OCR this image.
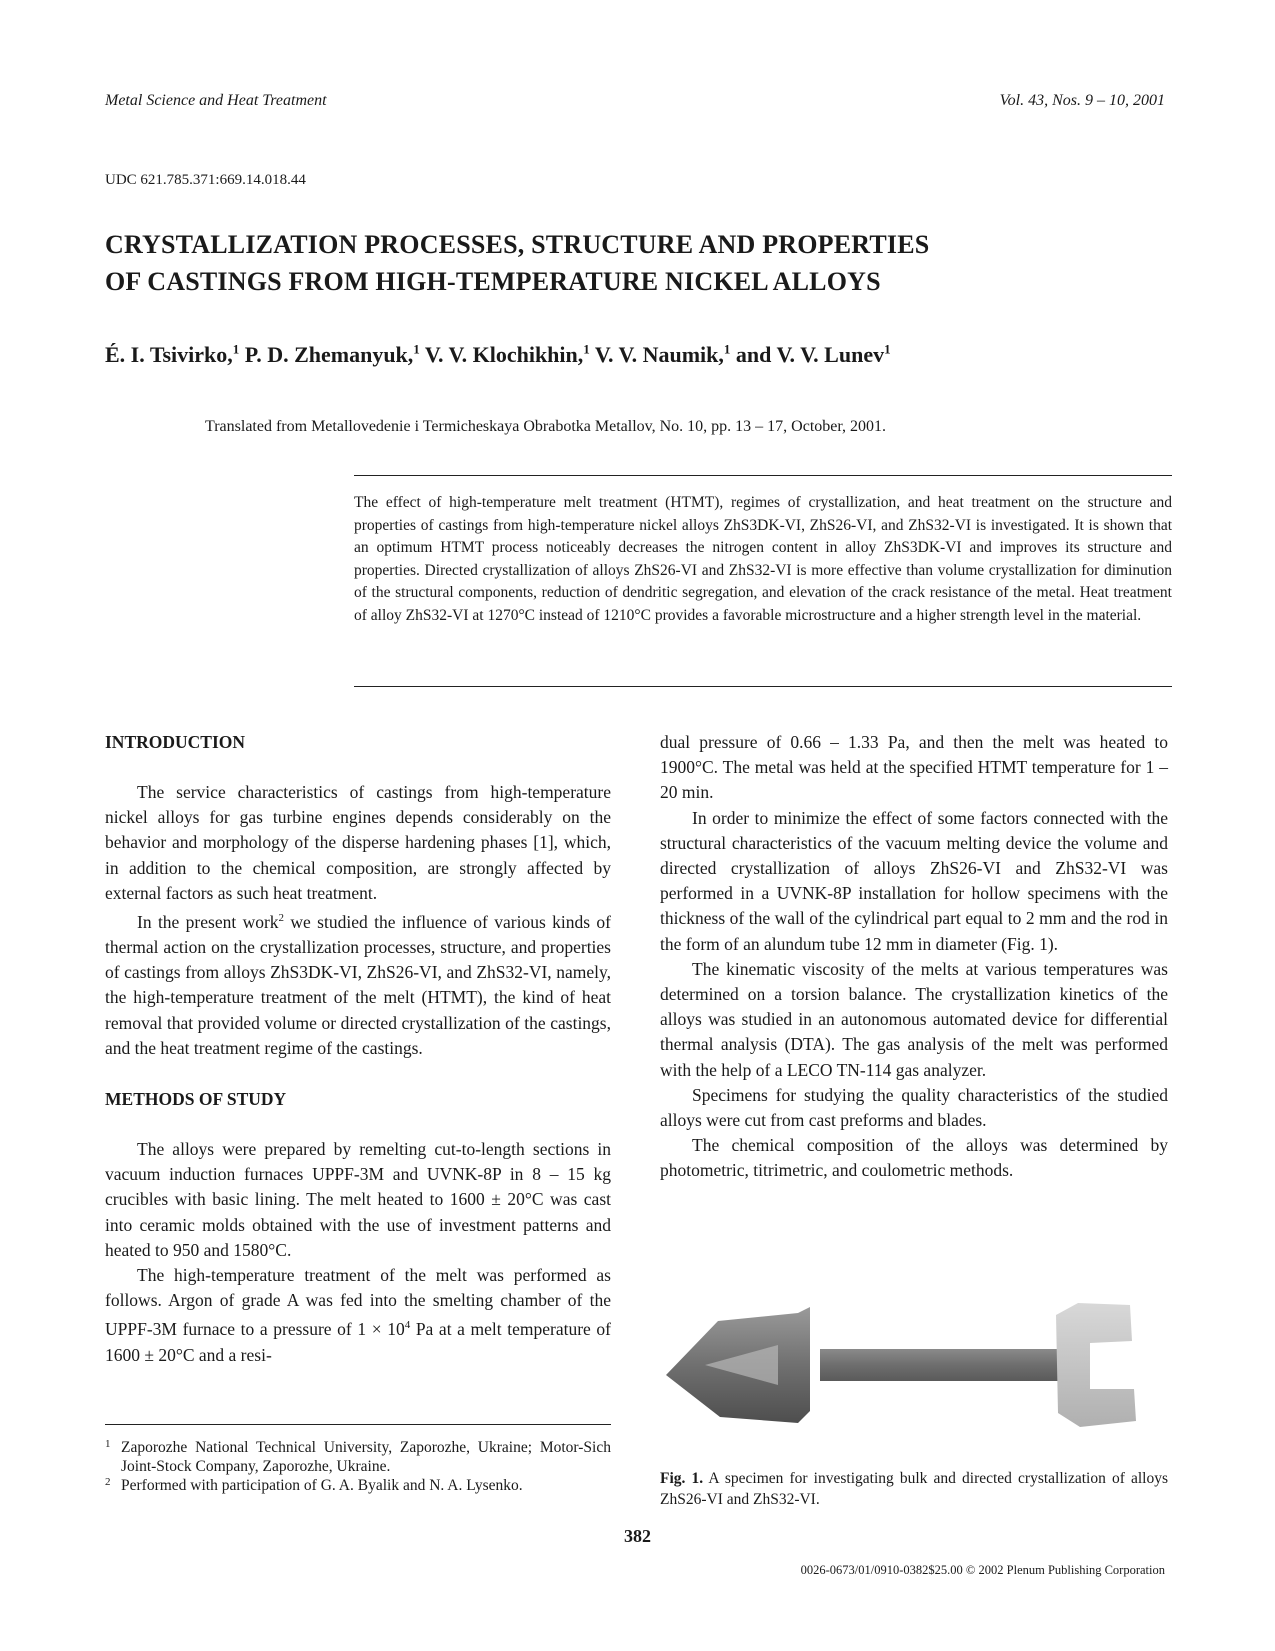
Metal Science and Heat Treatment	Vol. 43, Nos. 9 – 10, 2001
UDC 621.785.371:669.14.018.44
CRYSTALLIZATION PROCESSES, STRUCTURE AND PROPERTIES
OF CASTINGS FROM HIGH-TEMPERATURE NICKEL ALLOYS
É. I. Tsivirko,$^1$ P. D. Zhemanyuk,$^1$ V. V. Klochikhin,$^1$ V. V. Naumik,$^1$ and V. V. Lunev$^1$
Translated from Metallovedenie i Termicheskaya Obrabotka Metallov, No. 10, pp. 13 – 17, October, 2001.

The effect of high-temperature melt treatment (HTMT), regimes of crystallization, and heat treatment on the structure and properties of castings from high-temperature nickel alloys ZhS3DK-VI, ZhS26-VI, and ZhS32-VI is investigated. It is shown that an optimum HTMT process noticeably decreases the nitrogen content in alloy ZhS3DK-VI and improves its structure and properties. Directed crystallization of alloys ZhS26-VI and ZhS32-VI is more effective than volume crystallization for diminution of the structural components, reduction of dendritic segregation, and elevation of the crack resistance of the metal. Heat treatment of alloy ZhS32-VI at 1270°C instead of 1210°C provides a favorable microstructure and a higher strength level in the material.

INTRODUCTION

The service characteristics of castings from high-temperature nickel alloys for gas turbine engines depends considerably on the behavior and morphology of the disperse hardening phases [1], which, in addition to the chemical composition, are strongly affected by external factors as such heat treatment.

In the present work$^2$ we studied the influence of various kinds of thermal action on the crystallization processes, structure, and properties of castings from alloys ZhS3DK-VI, ZhS26-VI, and ZhS32-VI, namely, the high-temperature treatment of the melt (HTMT), the kind of heat removal that provided volume or directed crystallization of the castings, and the heat treatment regime of the castings.

METHODS OF STUDY

The alloys were prepared by remelting cut-to-length sections in vacuum induction furnaces UPPF-3M and UVNK-8P in 8 – 15 kg crucibles with basic lining. The melt heated to 1600 ± 20°C was cast into ceramic molds obtained with the use of investment patterns and heated to 950 and 1580°C.

The high-temperature treatment of the melt was performed as follows. Argon of grade A was fed into the smelting chamber of the UPPF-3M furnace to a pressure of $1 \times 10^4$ Pa at a melt temperature of 1600 ± 20°C and a resi-

dual pressure of 0.66 – 1.33 Pa, and then the melt was heated to 1900°C. The metal was held at the specified HTMT temperature for 1 – 20 min.

In order to minimize the effect of some factors connected with the structural characteristics of the vacuum melting device the volume and directed crystallization of alloys ZhS26-VI and ZhS32-VI was performed in a UVNK-8P installation for hollow specimens with the thickness of the wall of the cylindrical part equal to 2 mm and the rod in the form of an alundum tube 12 mm in diameter (Fig. 1).

The kinematic viscosity of the melts at various temperatures was determined on a torsion balance. The crystallization kinetics of the alloys was studied in an autonomous automated device for differential thermal analysis (DTA). The gas analysis of the melt was performed with the help of a LECO TN-114 gas analyzer.

Specimens for studying the quality characteristics of the studied alloys were cut from cast preforms and blades.

The chemical composition of the alloys was determined by photometric, titrimetric, and coulometric methods.

1 Zaporozhe National Technical University, Zaporozhe, Ukraine; Motor-Sich Joint-Stock Company, Zaporozhe, Ukraine.
2 Performed with participation of G. A. Byalik and N. A. Lysenko.	Fig. 1. A specimen for investigating bulk and directed crystallization of alloys ZhS26-VI and ZhS32-VI.
382
0026-0673/01/0910-0382$25.00 © 2002 Plenum Publishing Corporation
